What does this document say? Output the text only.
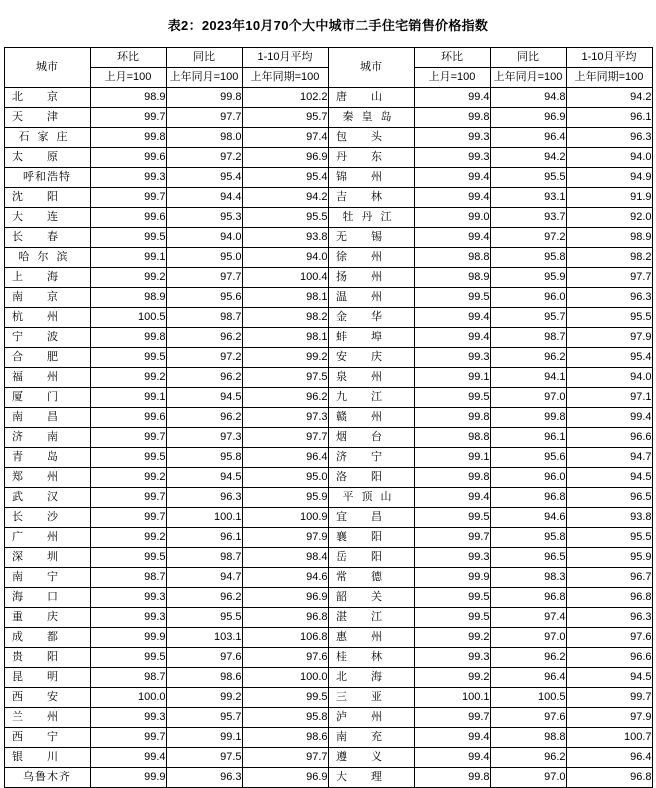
表2：2023年10月70个大中城市二手住宅销售价格指数
城市	环比	同比	1-10月平均	城市	环比	同比	1-10月平均
	上月=100	上年同月=100	上年同期=100		上月=100	上年同月=100	上年同期=100
北京	98.9	99.8	102.2	唐山	99.4	94.8	94.2
天津	99.7	97.7	95.7	秦皇岛	99.8	96.9	96.1
石家庄	99.8	98.0	97.4	包头	99.3	96.4	96.3
太原	99.6	97.2	96.9	丹东	99.3	94.2	94.0
呼和浩特	99.3	95.4	95.4	锦州	99.4	95.5	94.9
沈阳	99.7	94.4	94.2	吉林	99.4	93.1	91.9
大连	99.6	95.3	95.5	牡丹江	99.0	93.7	92.0
长春	99.5	94.0	93.8	无锡	99.4	97.2	98.9
哈尔滨	99.1	95.0	94.0	徐州	98.8	95.8	98.2
上海	99.2	97.7	100.4	扬州	98.9	95.9	97.7
南京	98.9	95.6	98.1	温州	99.5	96.0	96.3
杭州	100.5	98.7	98.2	金华	99.4	95.7	95.5
宁波	99.8	96.2	98.1	蚌埠	99.4	98.7	97.9
合肥	99.5	97.2	99.2	安庆	99.3	96.2	95.4
福州	99.2	96.2	97.5	泉州	99.1	94.1	94.0
厦门	99.1	94.5	96.2	九江	99.5	97.0	97.1
南昌	99.6	96.2	97.3	赣州	99.8	99.8	99.4
济南	99.7	97.3	97.7	烟台	98.8	96.1	96.6
青岛	99.5	95.8	96.4	济宁	99.1	95.6	94.7
郑州	99.2	94.5	95.0	洛阳	99.8	96.0	94.5
武汉	99.7	96.3	95.9	平顶山	99.4	96.8	96.5
长沙	99.7	100.1	100.9	宜昌	99.5	94.6	93.8
广州	99.2	96.1	97.9	襄阳	99.7	95.8	95.5
深圳	99.5	98.7	98.4	岳阳	99.3	96.5	95.9
南宁	98.7	94.7	94.6	常德	99.9	98.3	96.7
海口	99.3	96.2	96.9	韶关	99.5	96.8	96.8
重庆	99.3	95.5	96.8	湛江	99.5	97.4	96.3
成都	99.9	103.1	106.8	惠州	99.2	97.0	97.6
贵阳	99.5	97.6	97.6	桂林	99.3	96.2	96.6
昆明	98.7	98.6	100.0	北海	99.2	96.4	94.5
西安	100.0	99.2	99.5	三亚	100.1	100.5	99.7
兰州	99.3	95.7	95.8	泸州	99.7	97.6	97.9
西宁	99.7	99.1	98.6	南充	99.4	98.8	100.7
银川	99.4	97.5	97.7	遵义	99.4	96.2	96.4
乌鲁木齐	99.9	96.3	96.9	大理	99.8	97.0	96.8
